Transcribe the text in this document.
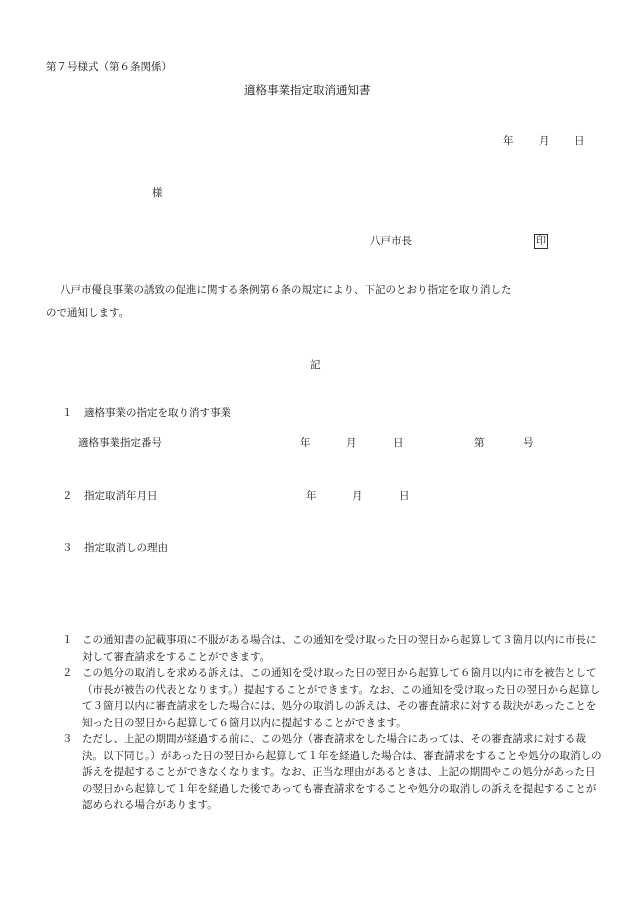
第７号様式（第６条関係）
適格事業指定取消通知書
年 月 日
様
八戸市長	印

八戸市優良事業の誘致の促進に関する条例第６条の規定により、下記のとおり指定を取り消した

ので通知します。

記
１ 適格事業の指定を取り消す事業
適格事業指定番号	年	月	日	第	号
２ 指定取消年月日	年	月	日
３ 指定取消しの理由
１ この通知書の記載事項に不服がある場合は、この通知を受け取った日の翌日から起算して３箇月以内に市長に対して審査請求をすることができます。
２ この処分の取消しを求める訴えは、この通知を受け取った日の翌日から起算して６箇月以内に市を被告として（市長が被告の代表となります。）提起することができます。なお、この通知を受け取った日の翌日から起算して３箇月以内に審査請求をした場合には、処分の取消しの訴えは、その審査請求に対する裁決があったことを知った日の翌日から起算して６箇月以内に提起することができます。
３ ただし、上記の期間が経過する前に、この処分（審査請求をした場合にあっては、その審査請求に対する裁決。以下同じ。）があった日の翌日から起算して１年を経過した場合は、審査請求をすることや処分の取消しの訴えを提起することができなくなります。なお、正当な理由があるときは、上記の期間やこの処分があった日の翌日から起算して１年を経過した後であっても審査請求をすることや処分の取消しの訴えを提起することが認められる場合があります。
